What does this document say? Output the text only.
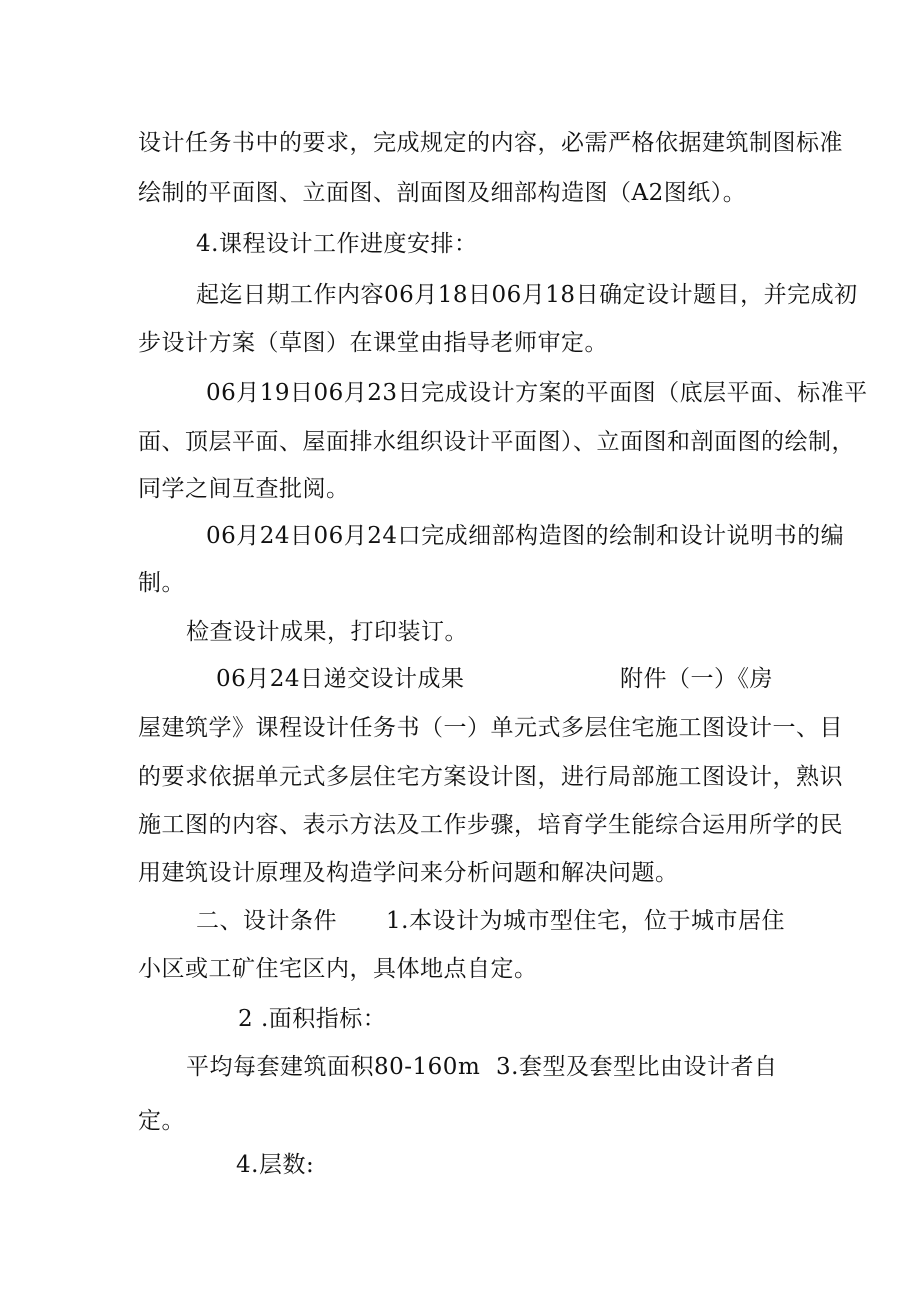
设计任务书中的要求，完成规定的内容，必需严格依据建筑制图标准
绘制的平面图、立面图、剖面图及细部构造图（A2图纸）。
4.课程设计工作进度安排：
起迄日期工作内容06月18日06月18日确定设计题目，并完成初
步设计方案（草图）在课堂由指导老师审定。
06月19日06月23日完成设计方案的平面图（底层平面、标准平
面、顶层平面、屋面排水组织设计平面图）、立面图和剖面图的绘制，
同学之间互查批阅。
06月24日06月24口完成细部构造图的绘制和设计说明书的编
制。
检查设计成果，打印装订。
06月24日递交设计成果	附件（一）《房
屋建筑学》课程设计任务书（一）单元式多层住宅施工图设计一、目
的要求依据单元式多层住宅方案设计图，进行局部施工图设计，熟识
施工图的内容、表示方法及工作步骤，培育学生能综合运用所学的民
用建筑设计原理及构造学问来分析问题和解决问题。
二、设计条件 1.本设计为城市型住宅，位于城市居住
小区或工矿住宅区内，具体地点自定。
2 .面积指标：
平均每套建筑面积80-160m 3.套型及套型比由设计者自
定。
4.层数:
